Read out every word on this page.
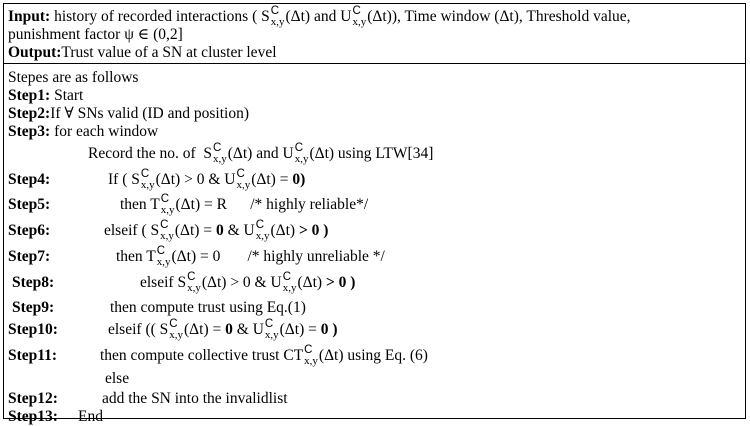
Input: history of recorded interactions ( S C
x,y (Δt) and U C
x,y (Δt)), Time window (Δt), Threshold value,
punishment factor ψ ∈ (0,2]
Output:Trust value of a SN at cluster level
Stepes are as follows
Step1: Start
Step2:If ∀ SNs valid (ID and position)
Step3: for each window
Record the no. of S C
x,y (Δt) and U C
x,y (Δt) using LTW[34]
Step4:	If ( S C
x,y (Δt) > 0 & U C
x,y (Δt) = 0)
Step5:	then T C
x,y (Δt) = R /* highly reliable*/
Step6:	elseif ( S C
x,y (Δt) = 0 & U C
x,y (Δt) > 0 )
Step7:	then T C
x,y (Δt) = 0 /* highly unreliable */
Step8:	elseif S C
x,y (Δt) > 0 & U C
x,y (Δt) > 0 )
Step9:	then compute trust using Eq.(1)
Step10:	elseif (( S C
x,y (Δt) = 0 & U C
x,y (Δt) = 0 )
Step11:	then compute collective trust CT C
x,y (Δt) using Eq. (6)
else
Step12:	add the SN into the invalidlist
Step13: End
